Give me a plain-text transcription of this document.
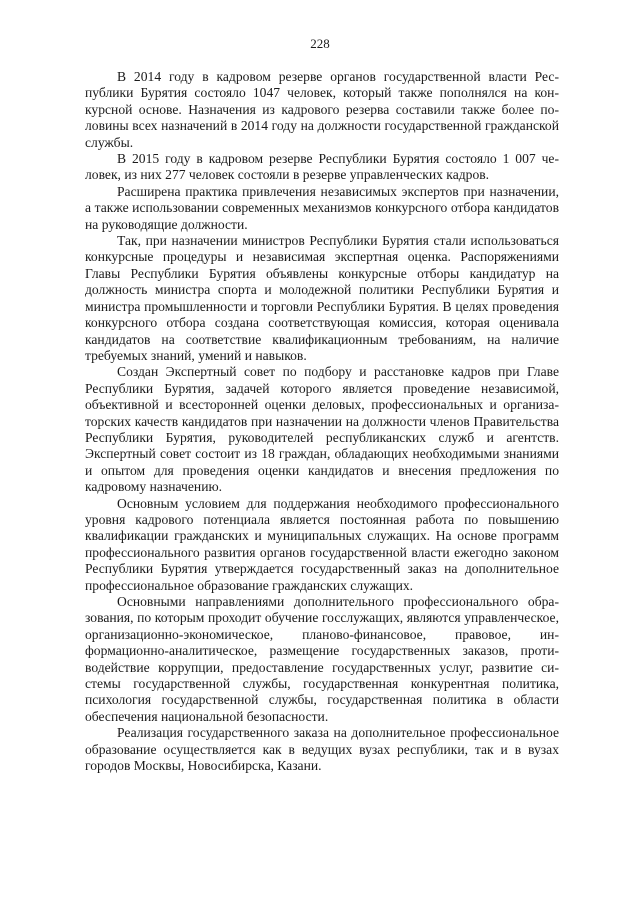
228

В 2014 году в кадровом резерве органов государственной власти Республики Бурятия состояло 1047 человек, который также пополнялся на конкурсной основе. Назначения из кадрового резерва составили также более половины всех назначений в 2014 году на должности государственной гражданской службы.

В 2015 году в кадровом резерве Республики Бурятия состояло 1 007 человек, из них 277 человек состояли в резерве управленческих кадров.

Расширена практика привлечения независимых экспертов при назначении, а также использовании современных механизмов конкурсного отбора кандидатов на руководящие должности.

Так, при назначении министров Республики Бурятия стали использоваться конкурсные процедуры и независимая экспертная оценка. Распоряжениями Главы Республики Бурятия объявлены конкурсные отборы кандидатур на должность министра спорта и молодежной политики Республики Бурятия и министра промышленности и торговли Республики Бурятия. В целях проведения конкурсного отбора создана соответствующая комиссия, которая оценивала кандидатов на соответствие квалификационным требованиям, на наличие требуемых знаний, умений и навыков.

Создан Экспертный совет по подбору и расстановке кадров при Главе Республики Бурятия, задачей которого является проведение независимой, объективной и всесторонней оценки деловых, профессиональных и организаторских качеств кандидатов при назначении на должности членов Правительства Республики Бурятия, руководителей республиканских служб и агентств. Экспертный совет состоит из 18 граждан, обладающих необходимыми знаниями и опытом для проведения оценки кандидатов и внесения предложения по кадровому назначению.

Основным условием для поддержания необходимого профессионального уровня кадрового потенциала является постоянная работа по повышению квалификации гражданских и муниципальных служащих. На основе программ профессионального развития органов государственной власти ежегодно законом Республики Бурятия утверждается государственный заказ на дополнительное профессиональное образование гражданских служащих.

Основными направлениями дополнительного профессионального образования, по которым проходит обучение госслужащих, являются управленческое, организационно-экономическое, планово-финансовое, правовое, информационно-аналитическое, размещение государственных заказов, противодействие коррупции, предоставление государственных услуг, развитие системы государственной службы, государственная конкурентная политика, психология государственной службы, государственная политика в области обеспечения национальной безопасности.

Реализация государственного заказа на дополнительное профессиональное образование осуществляется как в ведущих вузах республики, так и в вузах городов Москвы, Новосибирска, Казани.
